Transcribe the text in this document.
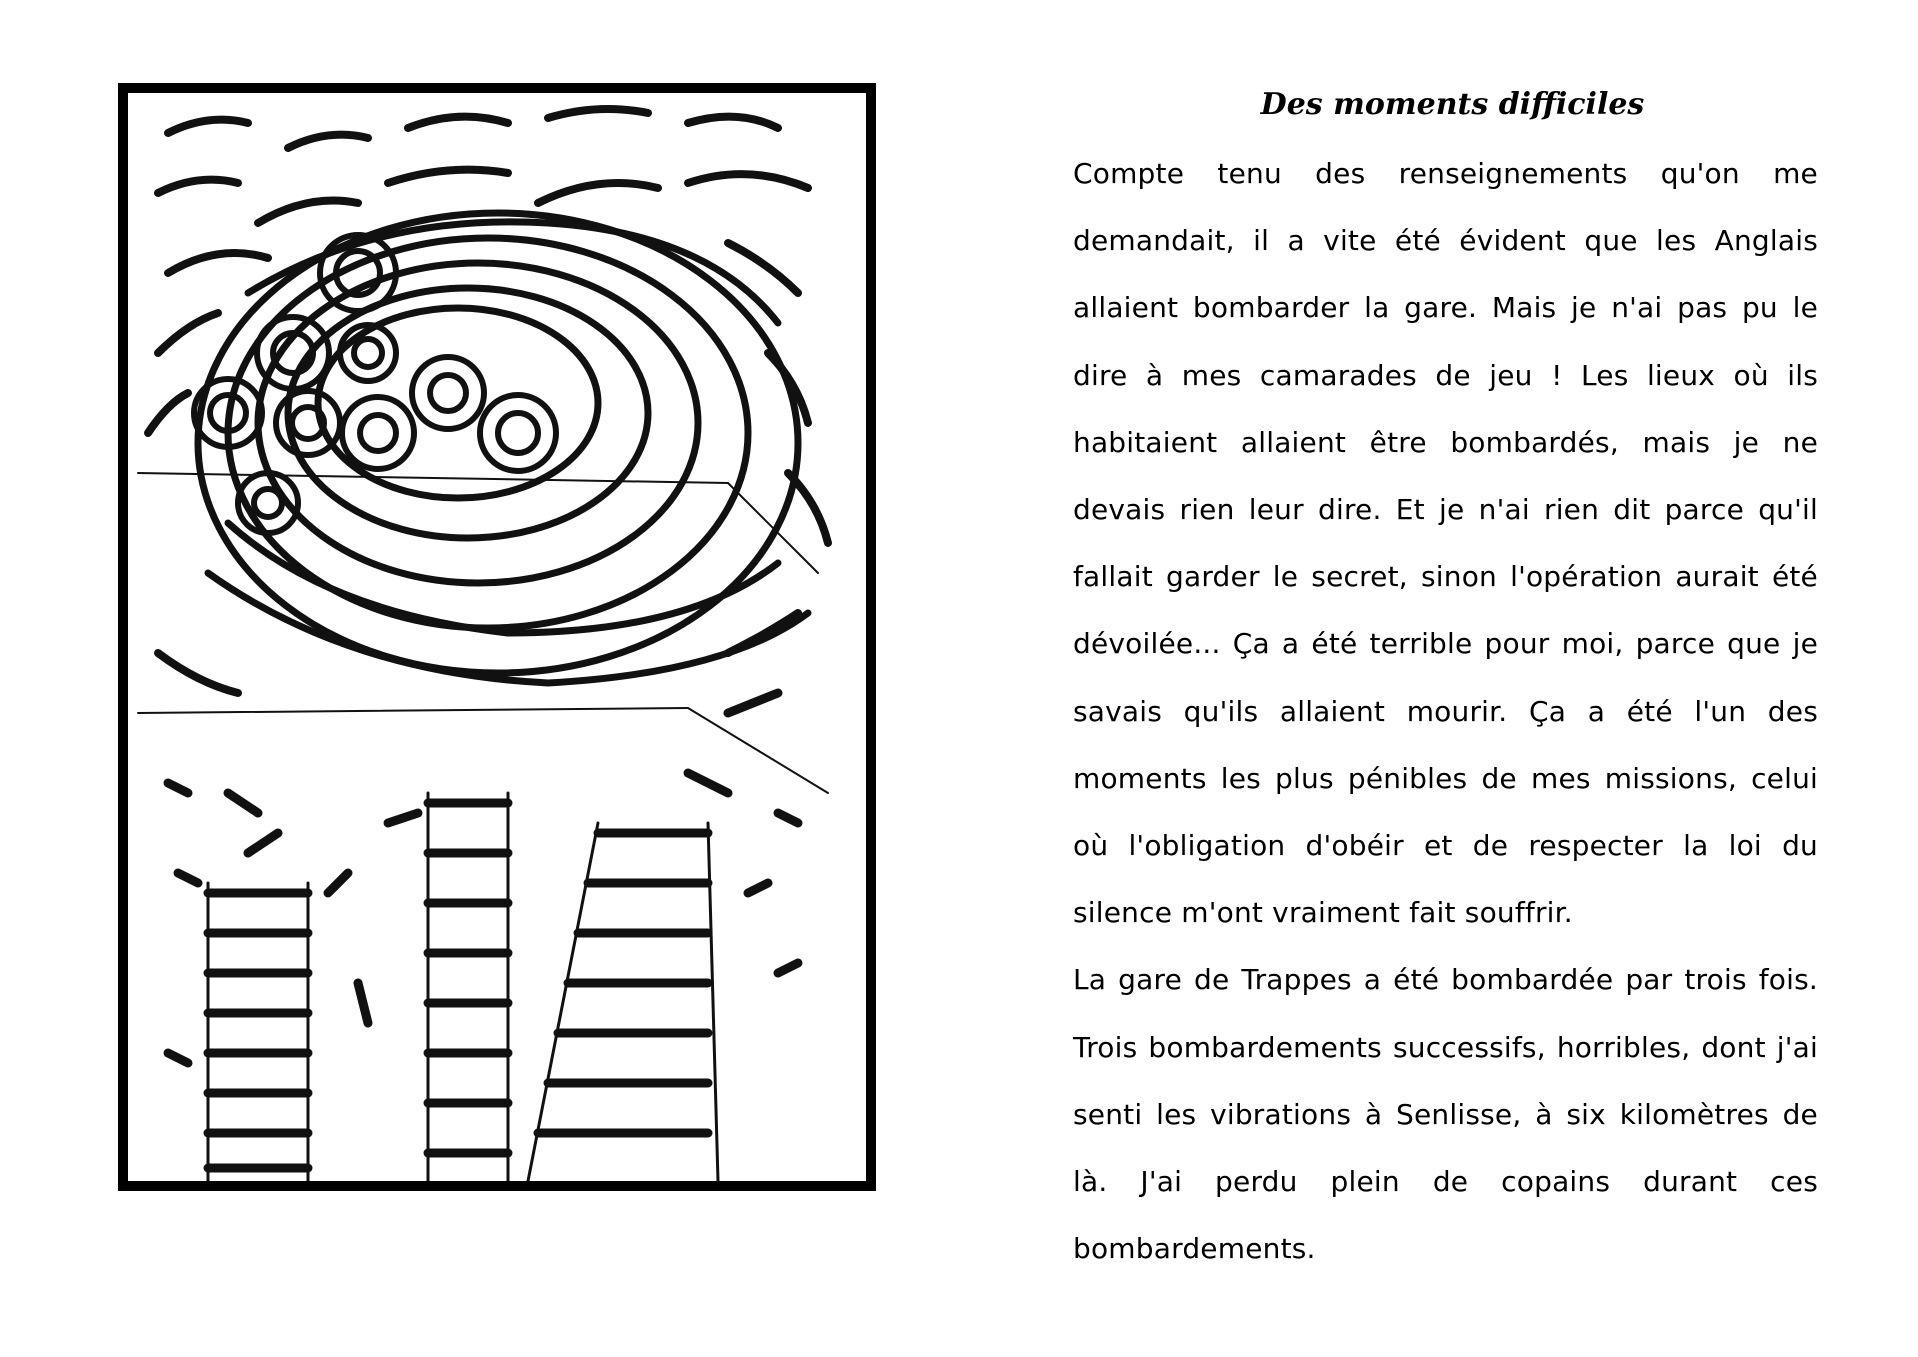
Des moments difficiles

Compte tenu des renseignements qu'on me demandait, il a vite été évident que les Anglais allaient bombarder la gare. Mais je n'ai pas pu le dire à mes camarades de jeu ! Les lieux où ils habitaient allaient être bombardés, mais je ne devais rien leur dire. Et je n'ai rien dit parce qu'il fallait garder le secret, sinon l'opération aurait été dévoilée... Ça a été terrible pour moi, parce que je savais qu'ils allaient mourir. Ça a été l'un des moments les plus pénibles de mes missions, celui où l'obligation d'obéir et de respecter la loi du silence m'ont vraiment fait souffrir.

La gare de Trappes a été bombardée par trois fois. Trois bombardements successifs, horribles, dont j'ai senti les vibrations à Senlisse, à six kilomètres de là. J'ai perdu plein de copains durant ces bombardements.
